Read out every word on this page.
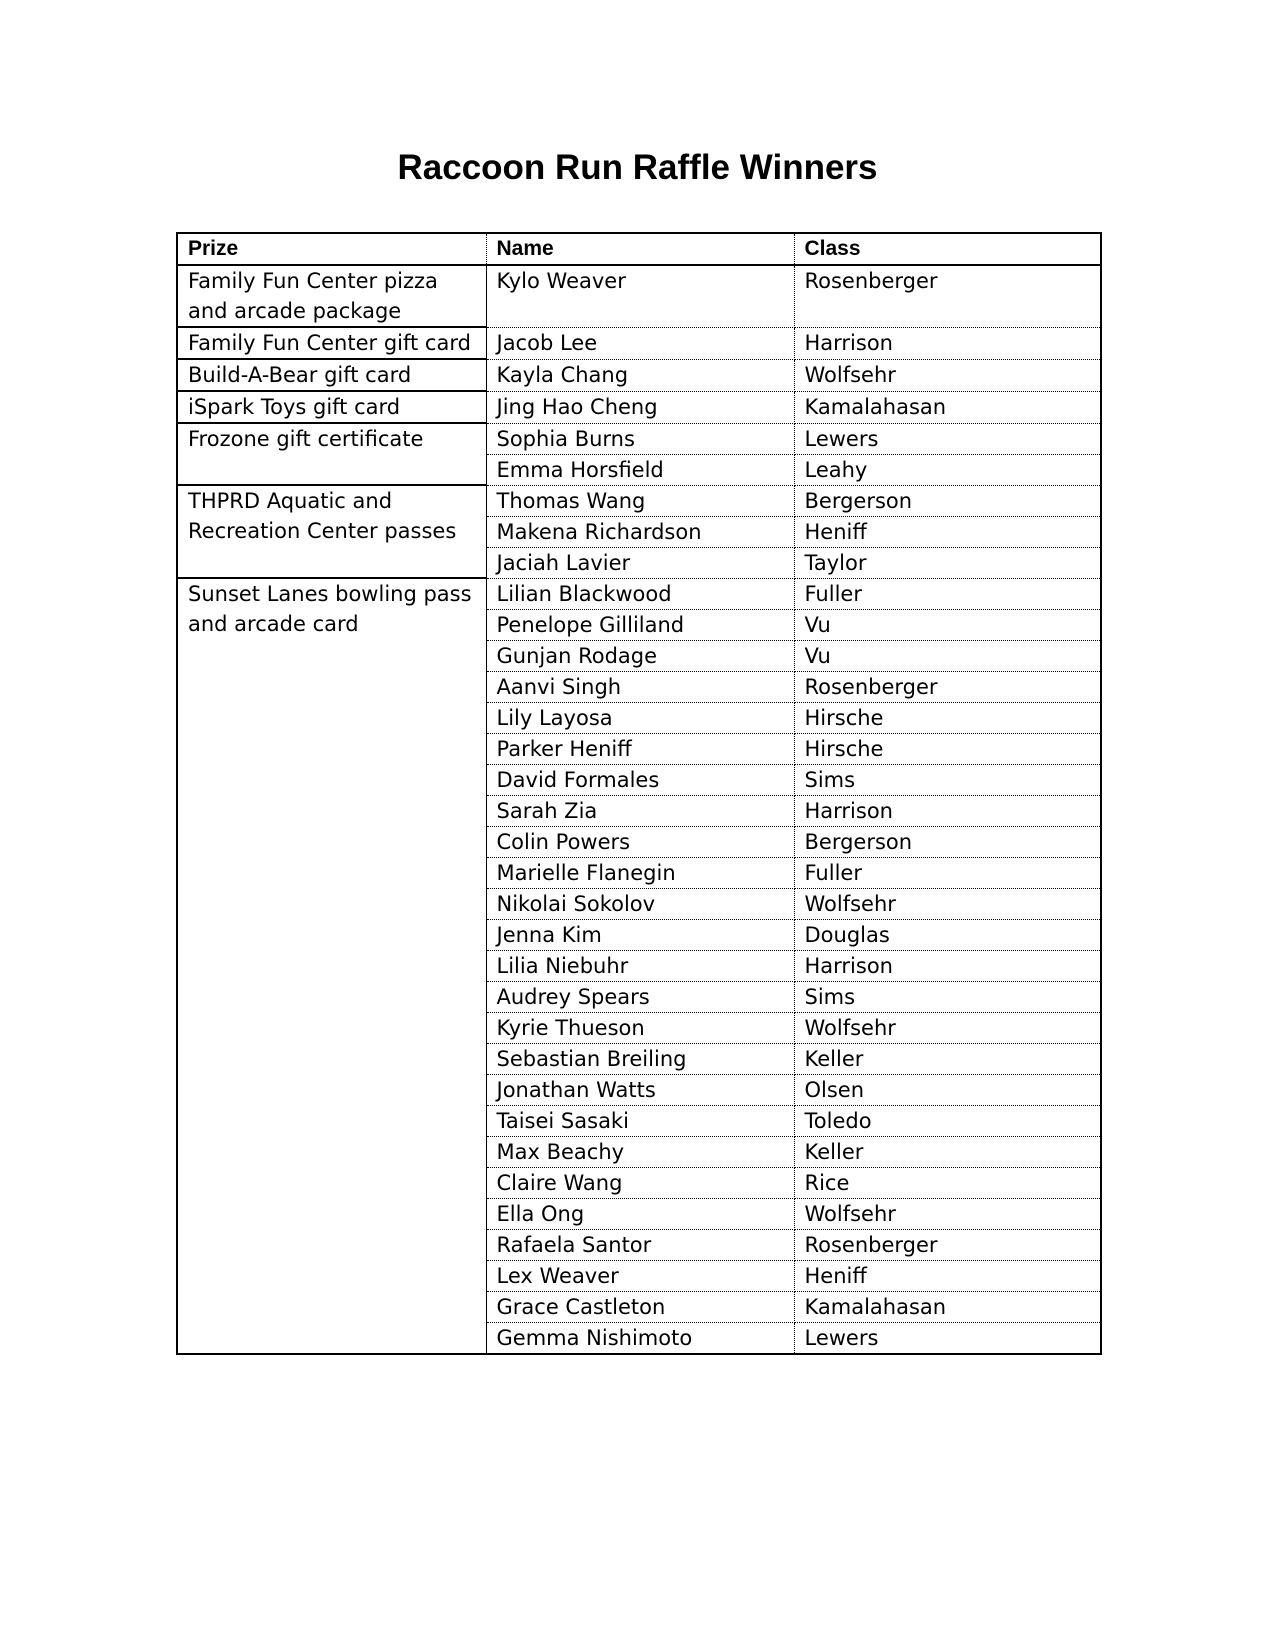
Raccoon Run Raffle Winners
Prize	Name	Class
Family Fun Center pizza and arcade package	Kylo Weaver	Rosenberger
Family Fun Center gift card	Jacob Lee	Harrison
Build-A-Bear gift card	Kayla Chang	Wolfsehr
iSpark Toys gift card	Jing Hao Cheng	Kamalahasan
Frozone gift certificate	Sophia Burns	Lewers
	Emma Horsfield	Leahy
THPRD Aquatic and Recreation Center passes	Thomas Wang	Bergerson
	Makena Richardson	Heniff
	Jaciah Lavier	Taylor
Sunset Lanes bowling pass and arcade card	Lilian Blackwood	Fuller
	Penelope Gilliland	Vu
	Gunjan Rodage	Vu
	Aanvi Singh	Rosenberger
	Lily Layosa	Hirsche
	Parker Heniff	Hirsche
	David Formales	Sims
	Sarah Zia	Harrison
	Colin Powers	Bergerson
	Marielle Flanegin	Fuller
	Nikolai Sokolov	Wolfsehr
	Jenna Kim	Douglas
	Lilia Niebuhr	Harrison
	Audrey Spears	Sims
	Kyrie Thueson	Wolfsehr
	Sebastian Breiling	Keller
	Jonathan Watts	Olsen
	Taisei Sasaki	Toledo
	Max Beachy	Keller
	Claire Wang	Rice
	Ella Ong	Wolfsehr
	Rafaela Santor	Rosenberger
	Lex Weaver	Heniff
	Grace Castleton	Kamalahasan
	Gemma Nishimoto	Lewers
